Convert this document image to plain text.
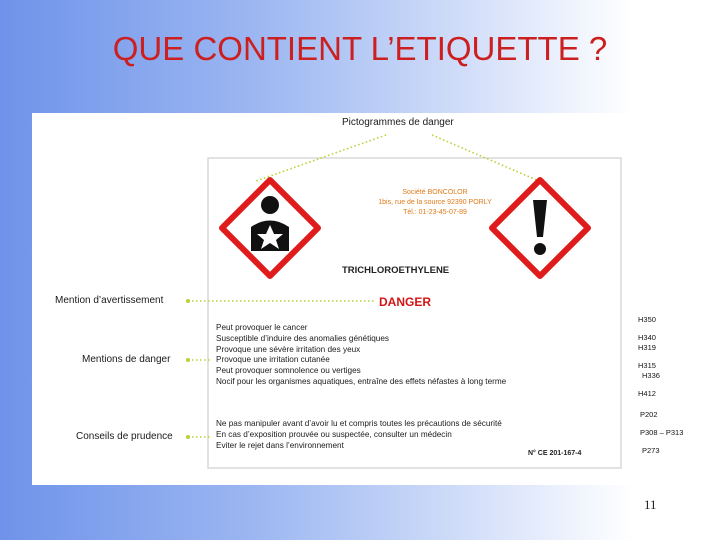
QUE CONTIENT L’ETIQUETTE ?
Pictogrammes de danger
Mention d’avertissement
Mentions de danger
Conseils de prudence
Société BONCOLOR
1bis, rue de la source 92390 PORLY
Tél.: 01-23-45-07-89
TRICHLOROETHYLENE
DANGER
Peut provoquer le cancer
Susceptible d’induire des anomalies génétiques
Provoque une sévère irritation des yeux
Provoque une irritation cutanée
Peut provoquer somnolence ou vertiges
Nocif pour les organismes aquatiques, entraîne des effets néfastes à long terme
Ne pas manipuler avant d’avoir lu et compris toutes les précautions de sécurité
En cas d’exposition prouvée ou suspectée, consulter un médecin
Eviter le rejet dans l’environnement
N° CE 201-167-4
H350
H340
H319
H315
H336
H412
P202
P308 – P313
P273
11
